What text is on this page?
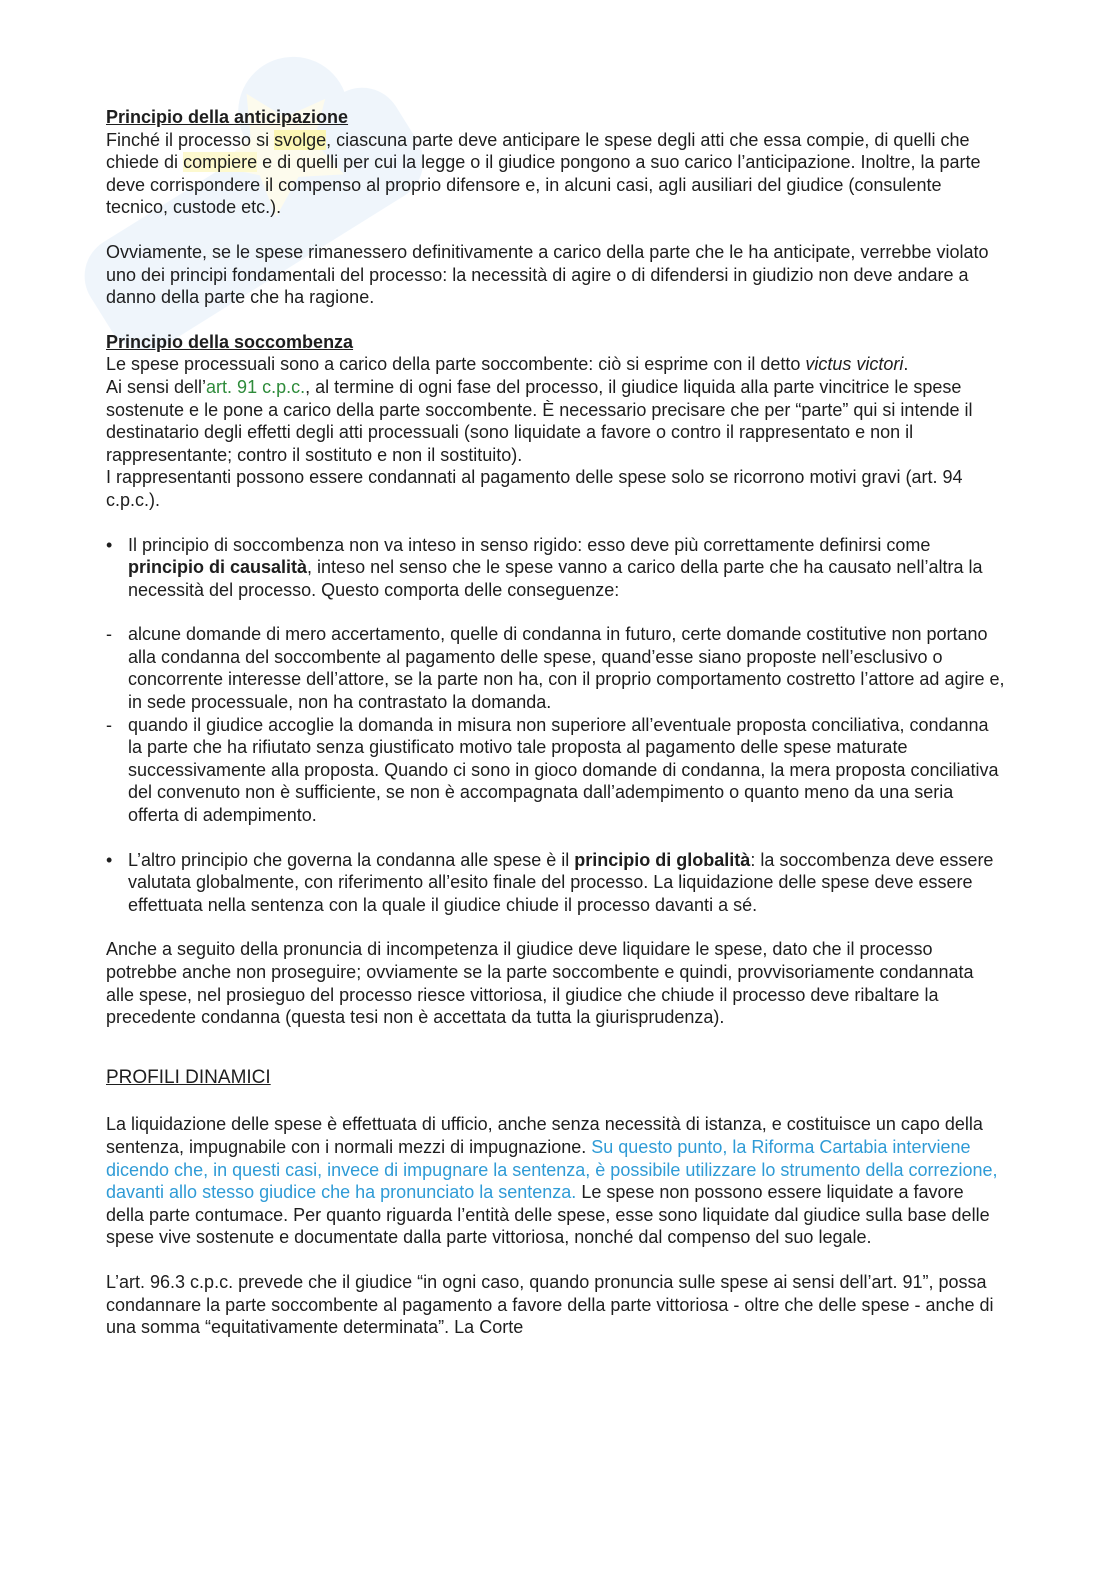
Principio della anticipazione

Finché il processo si svolge, ciascuna parte deve anticipare le spese degli atti che essa compie, di quelli che chiede di compiere e di quelli per cui la legge o il giudice pongono a suo carico l’anticipazione. Inoltre, la parte deve corrispondere il compenso al proprio difensore e, in alcuni casi, agli ausiliari del giudice (consulente tecnico, custode etc.).

Ovviamente, se le spese rimanessero definitivamente a carico della parte che le ha anticipate, verrebbe violato uno dei principi fondamentali del processo: la necessità di agire o di difendersi in giudizio non deve andare a danno della parte che ha ragione.

Principio della soccombenza

Le spese processuali sono a carico della parte soccombente: ciò si esprime con il detto victus victori.

Ai sensi dell’art. 91 c.p.c., al termine di ogni fase del processo, il giudice liquida alla parte vincitrice le spese sostenute e le pone a carico della parte soccombente. È necessario precisare che per “parte” qui si intende il destinatario degli effetti degli atti processuali (sono liquidate a favore o contro il rappresentato e non il rappresentante; contro il sostituto e non il sostituito).

I rappresentanti possono essere condannati al pagamento delle spese solo se ricorrono motivi gravi (art. 94 c.p.c.).

• Il principio di soccombenza non va inteso in senso rigido: esso deve più correttamente definirsi come principio di causalità, inteso nel senso che le spese vanno a carico della parte che ha causato nell’altra la necessità del processo. Questo comporta delle conseguenze:
- alcune domande di mero accertamento, quelle di condanna in futuro, certe domande costitutive non portano alla condanna del soccombente al pagamento delle spese, quand’esse siano proposte nell’esclusivo o concorrente interesse dell’attore, se la parte non ha, con il proprio comportamento costretto l’attore ad agire e, in sede processuale, non ha contrastato la domanda.
- quando il giudice accoglie la domanda in misura non superiore all’eventuale proposta conciliativa, condanna la parte che ha rifiutato senza giustificato motivo tale proposta al pagamento delle spese maturate successivamente alla proposta. Quando ci sono in gioco domande di condanna, la mera proposta conciliativa del convenuto non è sufficiente, se non è accompagnata dall’adempimento o quanto meno da una seria offerta di adempimento.
• L’altro principio che governa la condanna alle spese è il principio di globalità: la soccombenza deve essere valutata globalmente, con riferimento all’esito finale del processo. La liquidazione delle spese deve essere effettuata nella sentenza con la quale il giudice chiude il processo davanti a sé.

Anche a seguito della pronuncia di incompetenza il giudice deve liquidare le spese, dato che il processo potrebbe anche non proseguire; ovviamente se la parte soccombente e quindi, provvisoriamente condannata alle spese, nel prosieguo del processo riesce vittoriosa, il giudice che chiude il processo deve ribaltare la precedente condanna (questa tesi non è accettata da tutta la giurisprudenza).

PROFILI DINAMICI

La liquidazione delle spese è effettuata di ufficio, anche senza necessità di istanza, e costituisce un capo della sentenza, impugnabile con i normali mezzi di impugnazione. Su questo punto, la Riforma Cartabia interviene dicendo che, in questi casi, invece di impugnare la sentenza, è possibile utilizzare lo strumento della correzione, davanti allo stesso giudice che ha pronunciato la sentenza. Le spese non possono essere liquidate a favore della parte contumace. Per quanto riguarda l’entità delle spese, esse sono liquidate dal giudice sulla base delle spese vive sostenute e documentate dalla parte vittoriosa, nonché dal compenso del suo legale.

L’art. 96.3 c.p.c. prevede che il giudice “in ogni caso, quando pronuncia sulle spese ai sensi dell’art. 91”, possa condannare la parte soccombente al pagamento a favore della parte vittoriosa - oltre che delle spese - anche di una somma “equitativamente determinata”. La Corte
